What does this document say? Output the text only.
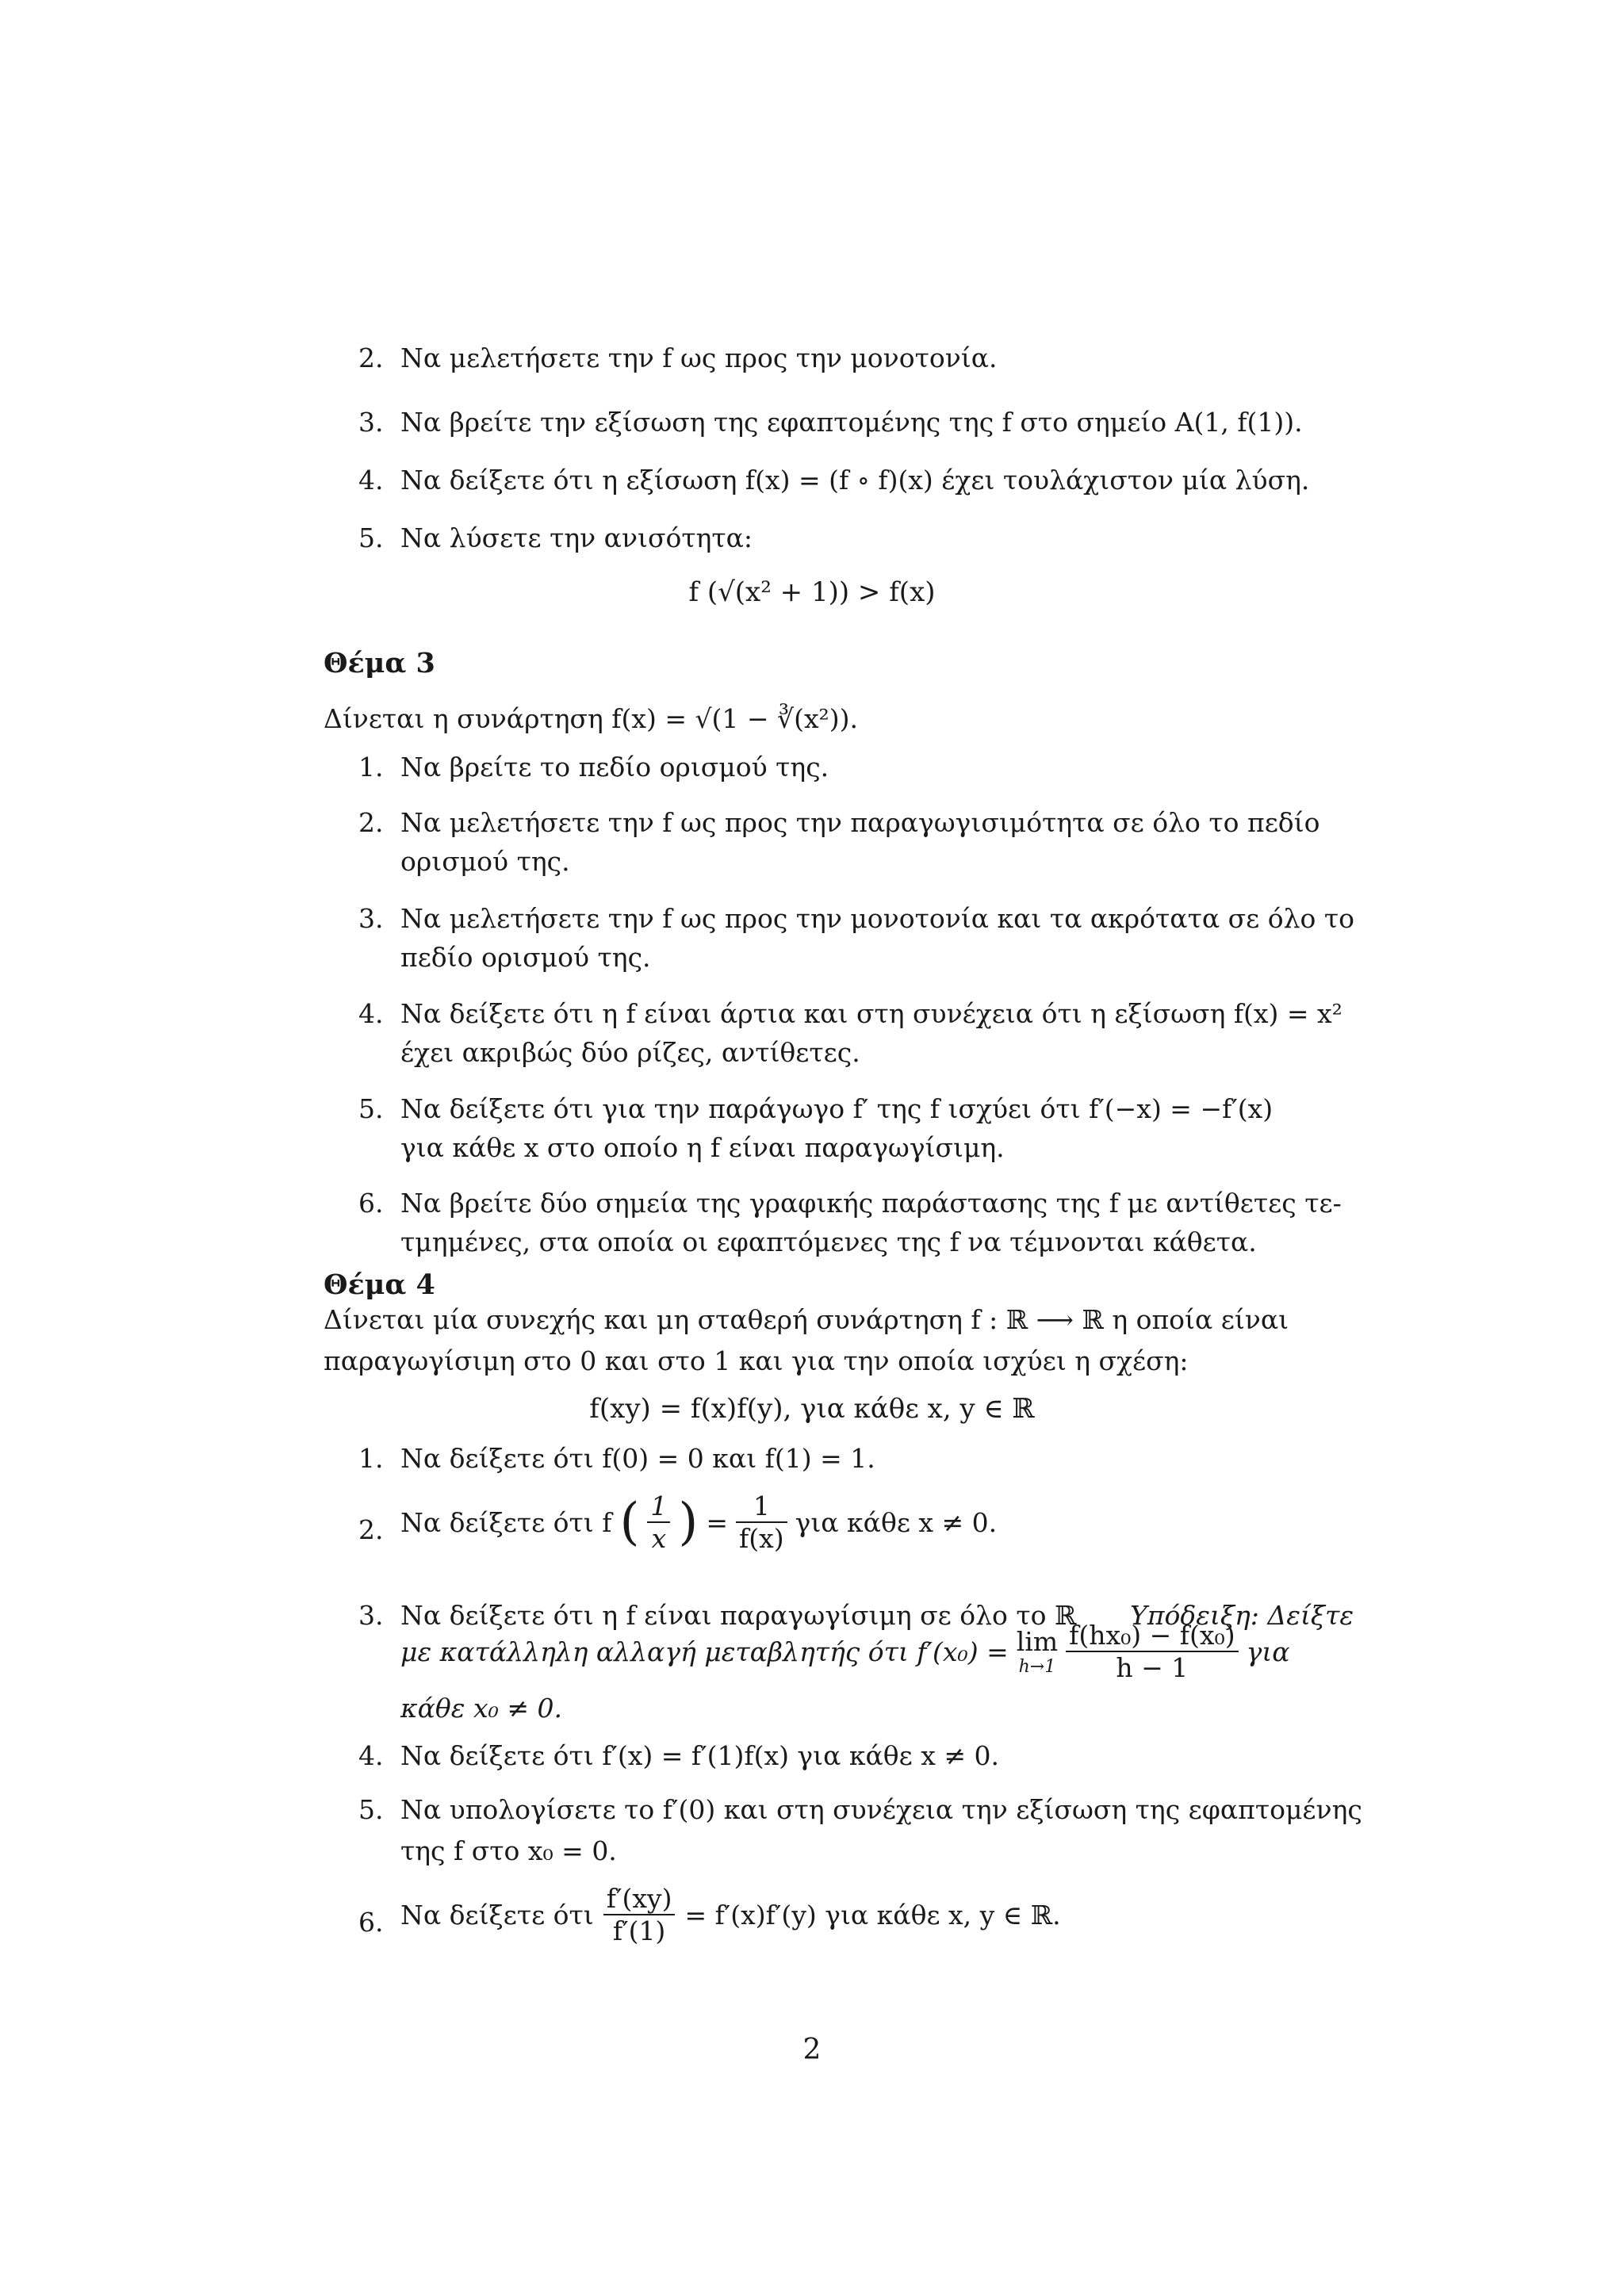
2. Να μελετήσετε την f ως προς την μονοτονία.
3. Να βρείτε την εξίσωση της εφαπτομένης της f στο σημείο A(1, f(1)).
4. Να δείξετε ότι η εξίσωση f(x) = (f ∘ f)(x) έχει τουλάχιστον μία λύση.
5. Να λύσετε την ανισότητα:
f (√(x² + 1)) > f(x)
Θέμα 3
Δίνεται η συνάρτηση f(x) = √(1 − ∛(x²)).
1. Να βρείτε το πεδίο ορισμού της.
2. Να μελετήσετε την f ως προς την παραγωγισιμότητα σε όλο το πεδίο
ορισμού της.
3. Να μελετήσετε την f ως προς την μονοτονία και τα ακρότατα σε όλο το
πεδίο ορισμού της.
4. Να δείξετε ότι η f είναι άρτια και στη συνέχεια ότι η εξίσωση f(x) = x²
έχει ακριβώς δύο ρίζες, αντίθετες.
5. Να δείξετε ότι για την παράγωγο f′ της f ισχύει ότι f′(−x) = −f′(x)
για κάθε x στο οποίο η f είναι παραγωγίσιμη.
6. Να βρείτε δύο σημεία της γραφικής παράστασης της f με αντίθετες τε-
τμημένες, στα οποία οι εφαπτόμενες της f να τέμνονται κάθετα.
Θέμα 4
Δίνεται μία συνεχής και μη σταθερή συνάρτηση f : ℝ ⟶ ℝ η οποία είναι
παραγωγίσιμη στο 0 και στο 1 και για την οποία ισχύει η σχέση:
f(xy) = f(x)f(y), για κάθε x, y ∈ ℝ
1. Να δείξετε ότι f(0) = 0 και f(1) = 1.
2. Να δείξετε ότι f ( $\frac{1}{x}$ ) = $\frac{1}{f(x)}$ για κάθε x ≠ 0.
3. Να δείξετε ότι η f είναι παραγωγίσιμη σε όλο το ℝ Υπόδειξη: Δείξτε
με κατάλληλη αλλαγή μεταβλητής ότι f′(x₀) = lim
$h\to 1 \frac{\text{f(hx₀) − f(x₀)}}{h - 1}$ για
κάθε x₀ ≠ 0.
4. Να δείξετε ότι f′(x) = f′(1)f(x) για κάθε x ≠ 0.
5. Να υπολογίσετε το f′(0) και στη συνέχεια την εξίσωση της εφαπτομένης
της f στο x₀ = 0.
6. Να δείξετε ότι $\frac{f'(xy)}{f'(1)} = f'(x)f'(y)$ για κάθε x, y ∈ ℝ.
2
